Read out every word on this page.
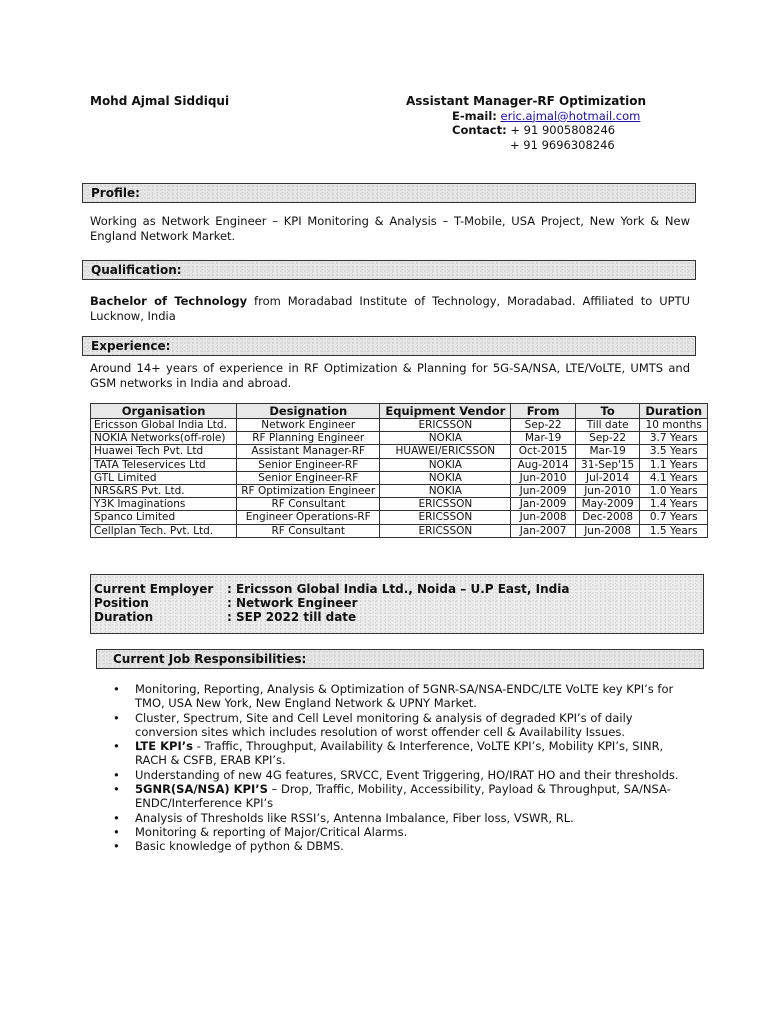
Mohd Ajmal Siddiqui	Assistant Manager-RF Optimization
E-mail: eric.ajmal@hotmail.com
Contact: + 91 9005808246
+ 91 9696308246
Profile:
Working as Network Engineer – KPI Monitoring & Analysis – T-Mobile, USA Project, New York & New England Network Market.
Qualification:
Bachelor of Technology from Moradabad Institute of Technology, Moradabad. Affiliated to UPTU Lucknow, India
Experience:
Around 14+ years of experience in RF Optimization & Planning for 5G-SA/NSA, LTE/VoLTE, UMTS and GSM networks in India and abroad.
Organisation	Designation	Equipment Vendor	From	To	Duration
Ericsson Global India Ltd.	Network Engineer	ERICSSON	Sep-22	Till date	10 months
NOKIA Networks(off-role)	RF Planning Engineer	NOKIA	Mar-19	Sep-22	3.7 Years
Huawei Tech Pvt. Ltd	Assistant Manager-RF	HUAWEI/ERICSSON	Oct-2015	Mar-19	3.5 Years
TATA Teleservices Ltd	Senior Engineer-RF	NOKIA	Aug-2014	31-Sep'15	1.1 Years
GTL Limited	Senior Engineer-RF	NOKIA	Jun-2010	Jul-2014	4.1 Years
NRS&RS Pvt. Ltd.	RF Optimization Engineer	NOKIA	Jun-2009	Jun-2010	1.0 Years
Y3K Imaginations	RF Consultant	ERICSSON	Jan-2009	May-2009	1.4 Years
Spanco Limited	Engineer Operations-RF	ERICSSON	Jun-2008	Dec-2008	0.7 Years
Cellplan Tech. Pvt. Ltd.	RF Consultant	ERICSSON	Jan-2007	Jun-2008	1.5 Years
Current Employer : Ericsson Global India Ltd., Noida – U.P East, India
Position	: Network Engineer
Duration	: SEP 2022 till date
Current Job Responsibilities:
• Monitoring, Reporting, Analysis & Optimization of 5GNR-SA/NSA-ENDC/LTE VoLTE key KPI’s for TMO, USA New York, New England Network & UPNY Market.
• Cluster, Spectrum, Site and Cell Level monitoring & analysis of degraded KPI’s of daily conversion sites which includes resolution of worst offender cell & Availability Issues.
• LTE KPI’s - Traffic, Throughput, Availability & Interference, VoLTE KPI’s, Mobility KPI’s, SINR, RACH & CSFB, ERAB KPI’s.
• Understanding of new 4G features, SRVCC, Event Triggering, HO/IRAT HO and their thresholds.
• 5GNR(SA/NSA) KPI’S – Drop, Traffic, Mobility, Accessibility, Payload & Throughput, SA/NSA-ENDC/Interference KPI’s
• Analysis of Thresholds like RSSI’s, Antenna Imbalance, Fiber loss, VSWR, RL.
• Monitoring & reporting of Major/Critical Alarms.
• Basic knowledge of python & DBMS.
